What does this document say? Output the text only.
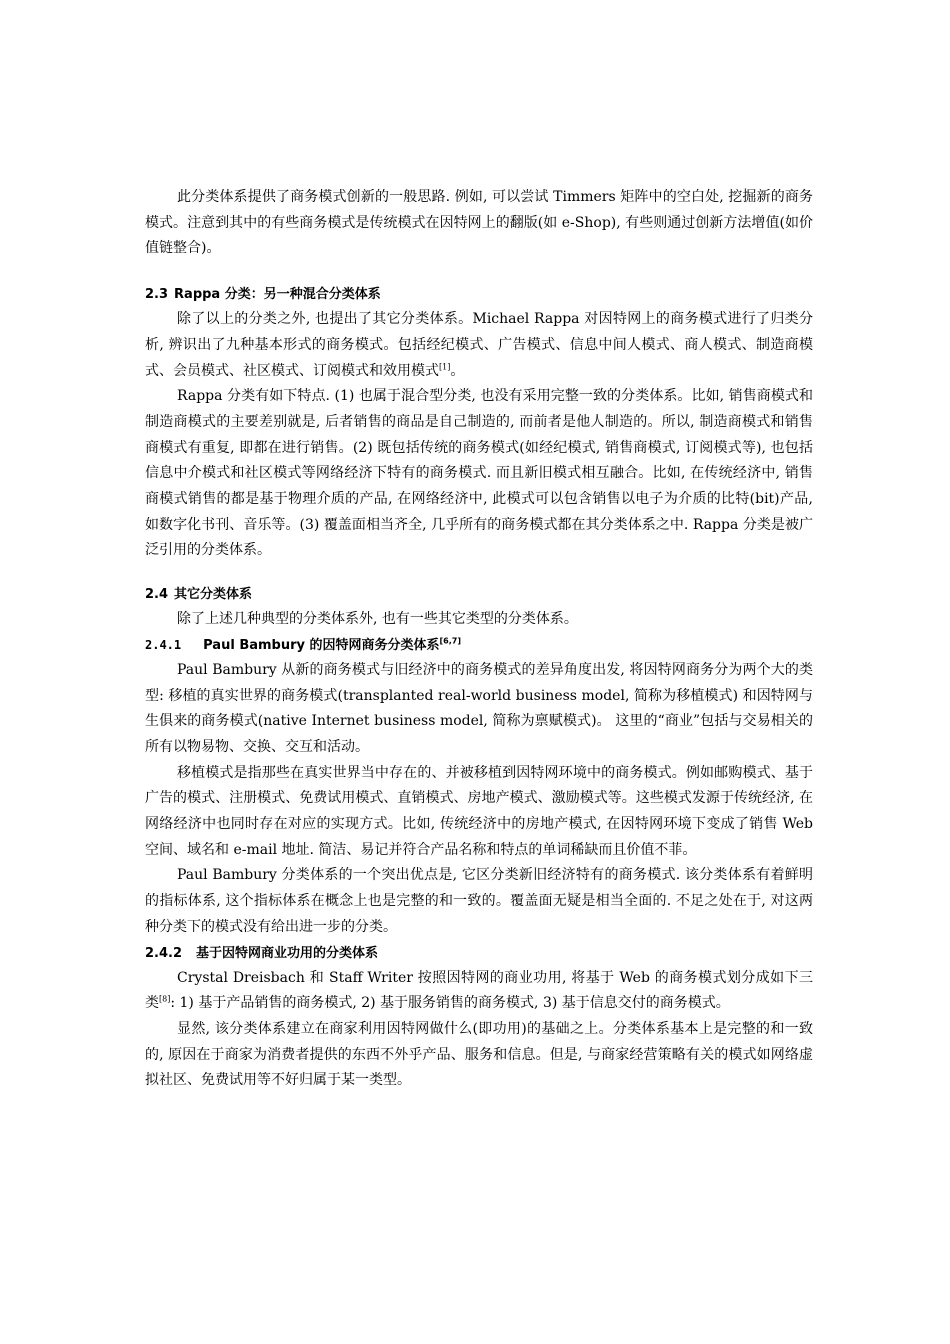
此分类体系提供了商务模式创新的一般思路. 例如, 可以尝试 Timmers 矩阵中的空白处, 挖掘新的商务模式。注意到其中的有些商务模式是传统模式在因特网上的翻版(如 e-Shop), 有些则通过创新方法增值(如价值链整合)。

2.3 Rappa 分类：另一种混合分类体系

除了以上的分类之外, 也提出了其它分类体系。Michael Rappa 对因特网上的商务模式进行了归类分析, 辨识出了九种基本形式的商务模式。包括经纪模式、广告模式、信息中间人模式、商人模式、制造商模式、会员模式、社区模式、订阅模式和效用模式[1]。

Rappa 分类有如下特点. (1) 也属于混合型分类, 也没有采用完整一致的分类体系。比如, 销售商模式和制造商模式的主要差别就是, 后者销售的商品是自己制造的, 而前者是他人制造的。所以, 制造商模式和销售商模式有重复, 即都在进行销售。(2) 既包括传统的商务模式(如经纪模式, 销售商模式, 订阅模式等), 也包括信息中介模式和社区模式等网络经济下特有的商务模式. 而且新旧模式相互融合。比如, 在传统经济中, 销售商模式销售的都是基于物理介质的产品, 在网络经济中, 此模式可以包含销售以电子为介质的比特(bit)产品, 如数字化书刊、音乐等。(3) 覆盖面相当齐全, 几乎所有的商务模式都在其分类体系之中. Rappa 分类是被广泛引用的分类体系。

2.4 其它分类体系

除了上述几种典型的分类体系外, 也有一些其它类型的分类体系。

2.4.1 Paul Bambury 的因特网商务分类体系[6,7]

Paul Bambury 从新的商务模式与旧经济中的商务模式的差异角度出发, 将因特网商务分为两个大的类型: 移植的真实世界的商务模式(transplanted real-world business model, 简称为移植模式) 和因特网与生俱来的商务模式(native Internet business model, 简称为禀赋模式)。 这里的“商业”包括与交易相关的所有以物易物、交换、交互和活动。

移植模式是指那些在真实世界当中存在的、并被移植到因特网环境中的商务模式。例如邮购模式、基于广告的模式、注册模式、免费试用模式、直销模式、房地产模式、激励模式等。这些模式发源于传统经济, 在网络经济中也同时存在对应的实现方式。比如, 传统经济中的房地产模式, 在因特网环境下变成了销售 Web 空间、域名和 e-mail 地址. 简洁、易记并符合产品名称和特点的单词稀缺而且价值不菲。

Paul Bambury 分类体系的一个突出优点是, 它区分类新旧经济特有的商务模式. 该分类体系有着鲜明的指标体系, 这个指标体系在概念上也是完整的和一致的。覆盖面无疑是相当全面的. 不足之处在于, 对这两种分类下的模式没有给出进一步的分类。

2.4.2 基于因特网商业功用的分类体系

Crystal Dreisbach 和 Staff Writer 按照因特网的商业功用, 将基于 Web 的商务模式划分成如下三类[8]: 1) 基于产品销售的商务模式, 2) 基于服务销售的商务模式, 3) 基于信息交付的商务模式。

显然, 该分类体系建立在商家利用因特网做什么(即功用)的基础之上。分类体系基本上是完整的和一致的, 原因在于商家为消费者提供的东西不外乎产品、服务和信息。但是, 与商家经营策略有关的模式如网络虚拟社区、免费试用等不好归属于某一类型。
